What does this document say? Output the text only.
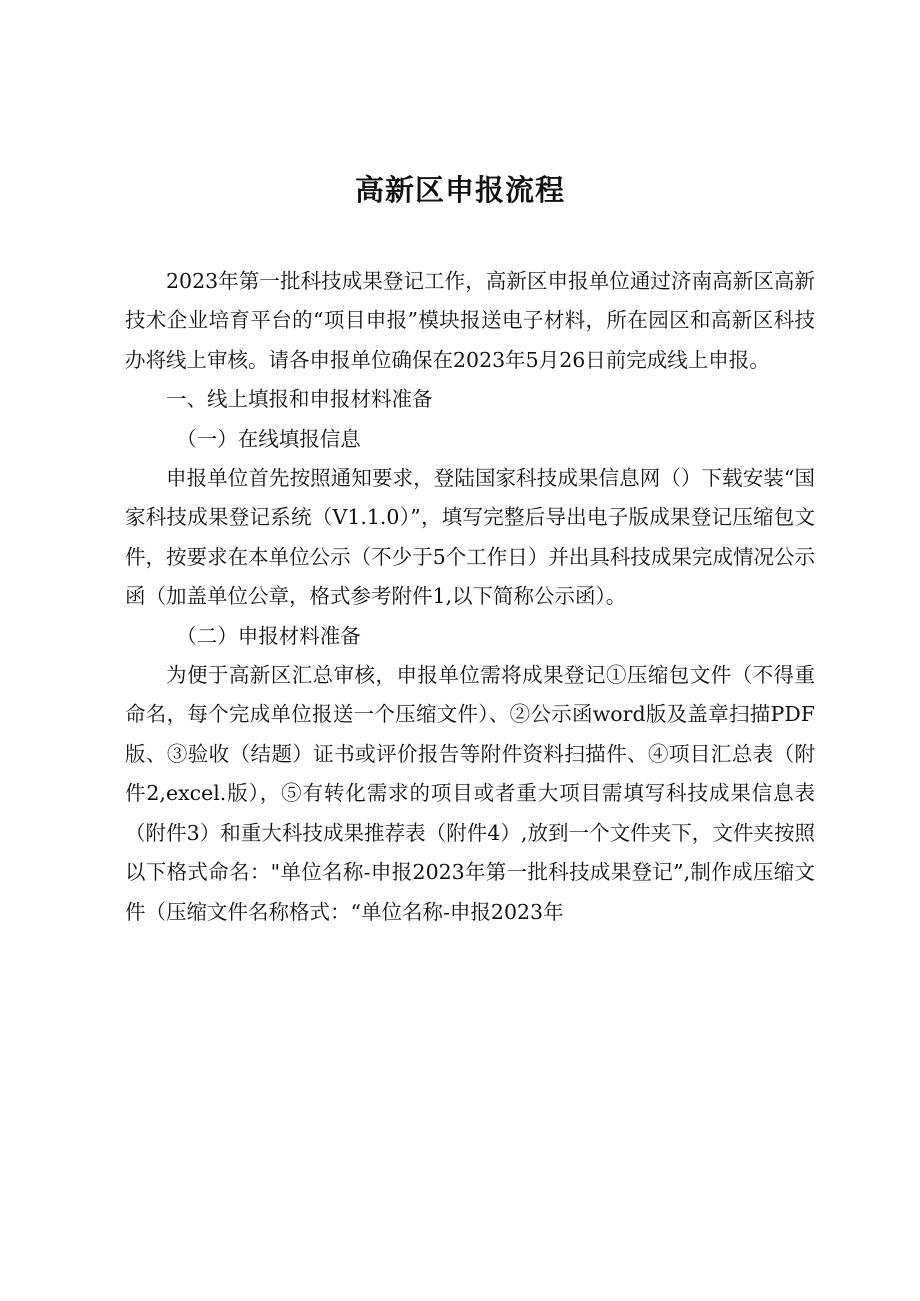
高新区申报流程

2023年第一批科技成果登记工作，高新区申报单位通过济南高新区高新技术企业培育平台的“项目申报”模块报送电子材料，所在园区和高新区科技办将线上审核。请各申报单位确保在2023年5月26日前完成线上申报。

一、线上填报和申报材料准备

（一）在线填报信息

申报单位首先按照通知要求，登陆国家科技成果信息网（）下载安装“国家科技成果登记系统（V1.1.0）”，填写完整后导出电子版成果登记压缩包文件，按要求在本单位公示（不少于5个工作日）并出具科技成果完成情况公示函（加盖单位公章，格式参考附件1,以下简称公示函）。

（二）申报材料准备

为便于高新区汇总审核，申报单位需将成果登记①压缩包文件（不得重命名，每个完成单位报送一个压缩文件）、②公示函word版及盖章扫描PDF版、③验收（结题）证书或评价报告等附件资料扫描件、④项目汇总表（附件2,excel.版），⑤有转化需求的项目或者重大项目需填写科技成果信息表（附件3）和重大科技成果推荐表（附件4）,放到一个文件夹下，文件夹按照以下格式命名："单位名称-申报2023年第一批科技成果登记”,制作成压缩文件（压缩文件名称格式：“单位名称-申报2023年
